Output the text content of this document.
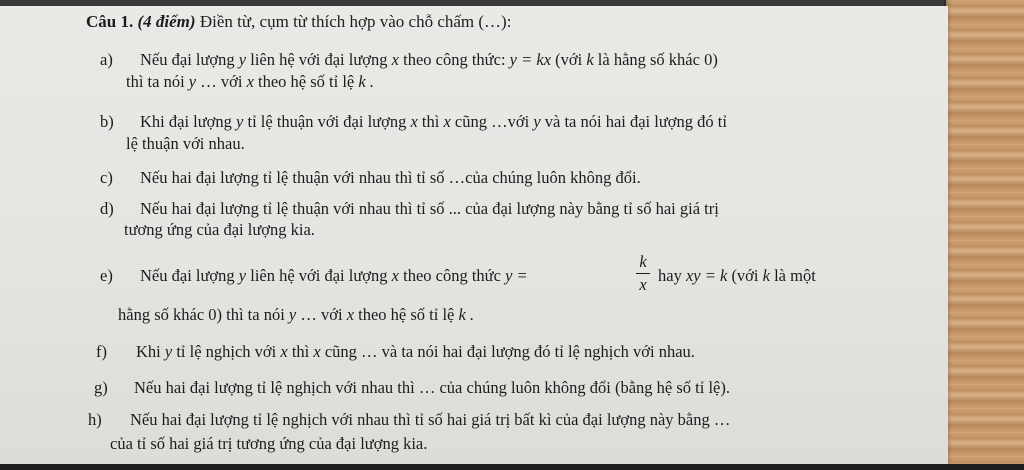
Câu 1. (4 điểm) Điền từ, cụm từ thích hợp vào chỗ chấm (…):
a) Nếu đại lượng y liên hệ với đại lượng x theo công thức: y = kx (với k là hằng số khác 0)
thì ta nói y … với x theo hệ số tỉ lệ k .
b) Khi đại lượng y tỉ lệ thuận với đại lượng x thì x cũng …với y và ta nói hai đại lượng đó tỉ
lệ thuận với nhau.
c) Nếu hai đại lượng tỉ lệ thuận với nhau thì tỉ số …của chúng luôn không đổi.
d) Nếu hai đại lượng tỉ lệ thuận với nhau thì tỉ số ... của đại lượng này bằng tỉ số hai giá trị
tương ứng của đại lượng kia.
e) Nếu đại lượng y liên hệ với đại lượng x theo công thức y =
k
x hay xy = k (với k là một
hằng số khác 0) thì ta nói y … với x theo hệ số tỉ lệ k .
f) Khi y tỉ lệ nghịch với x thì x cũng … và ta nói hai đại lượng đó tỉ lệ nghịch với nhau.
g) Nếu hai đại lượng tỉ lệ nghịch với nhau thì … của chúng luôn không đổi (bằng hệ số tỉ lệ).
h) Nếu hai đại lượng tỉ lệ nghịch với nhau thì tỉ số hai giá trị bất kì của đại lượng này bằng …
của tỉ số hai giá trị tương ứng của đại lượng kia.
